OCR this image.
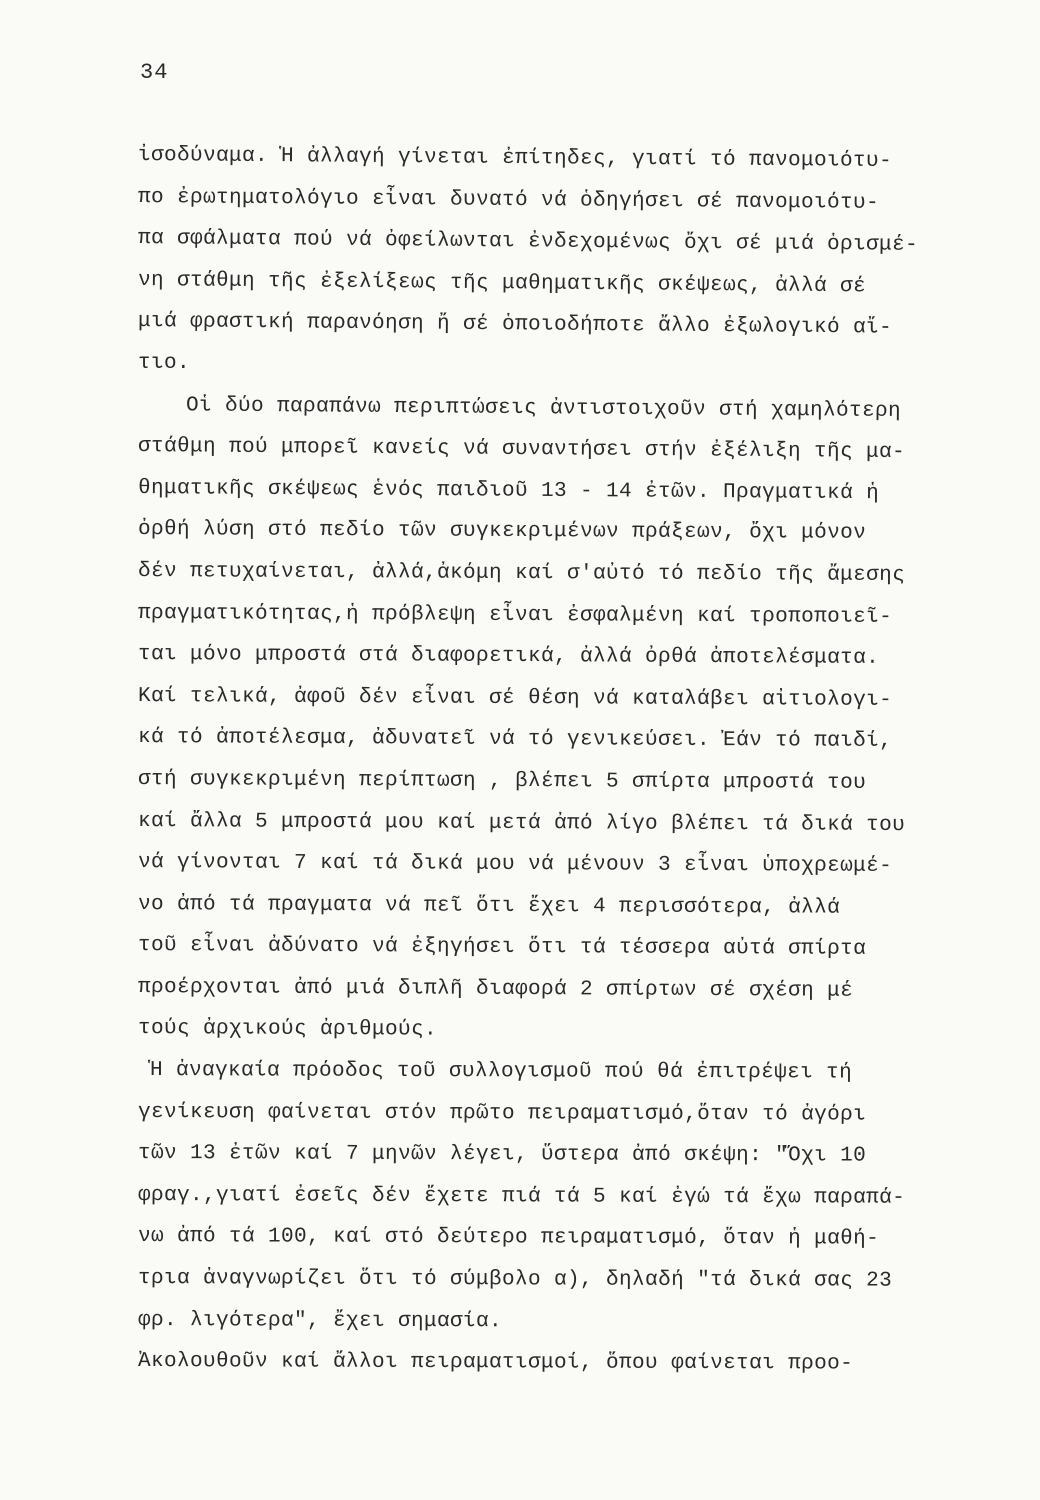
34
ἰσοδύναμα. Ἡ ἀλλαγή γίνεται ἐπίτηδες, γιατί τό πανομοιότυ-
πο ἐρωτηματολόγιο εἶναι δυνατό νά ὁδηγήσει σέ πανομοιότυ-
πα σφάλματα πού νά ὀφείλωνται ἐνδεχομένως ὄχι σέ μιά ὁρισμέ-
νη στάθμη τῆς ἐξελίξεως τῆς μαθηματικῆς σκέψεως, ἀλλά σέ
μιά φραστική παρανόηση ἤ σέ ὁποιοδήποτε ἄλλο ἐξωλογικό αἴ-
τιο.
Οἱ δύο παραπάνω περιπτώσεις ἀντιστοιχοῦν στή χαμηλότερη
στάθμη πού μπορεῖ κανείς νά συναντήσει στήν ἐξέλιξη τῆς μα-
θηματικῆς σκέψεως ἑνός παιδιοῦ 13 - 14 ἐτῶν. Πραγματικά ἡ
ὀρθή λύση στό πεδίο τῶν συγκεκριμένων πράξεων, ὄχι μόνον
δέν πετυχαίνεται, ἀλλά,ἀκόμη καί σ'αὐτό τό πεδίο τῆς ἄμεσης
πραγματικότητας,ἡ πρόβλεψη εἶναι ἐσφαλμένη καί τροποποιεῖ-
ται μόνο μπροστά στά διαφορετικά, ἀλλά ὀρθά ἀποτελέσματα.
Καί τελικά, ἀφοῦ δέν εἶναι σέ θέση νά καταλάβει αἰτιολογι-
κά τό ἀποτέλεσμα, ἀδυνατεῖ νά τό γενικεύσει. Ἐάν τό παιδί,
στή συγκεκριμένη περίπτωση , βλέπει 5 σπίρτα μπροστά του
καί ἄλλα 5 μπροστά μου καί μετά ἀπό λίγο βλέπει τά δικά του
νά γίνονται 7 καί τά δικά μου νά μένουν 3 εἶναι ὑποχρεωμέ-
νο ἀπό τά πραγματα νά πεῖ ὅτι ἔχει 4 περισσότερα, ἀλλά
τοῦ εἶναι ἀδύνατο νά ἐξηγήσει ὅτι τά τέσσερα αὐτά σπίρτα
προέρχονται ἀπό μιά διπλῆ διαφορά 2 σπίρτων σέ σχέση μέ
τούς ἀρχικούς ἀριθμούς.
Ἡ ἀναγκαία πρόοδος τοῦ συλλογισμοῦ πού θά ἐπιτρέψει τή
γενίκευση φαίνεται στόν πρῶτο πειραματισμό,ὅταν τό ἀγόρι
τῶν 13 ἐτῶν καί 7 μηνῶν λέγει, ὕστερα ἀπό σκέψη: "Ὄχι 10
φραγ.,γιατί ἐσεῖς δέν ἔχετε πιά τά 5 καί ἐγώ τά ἔχω παραπά-
νω ἀπό τά 100, καί στό δεύτερο πειραματισμό, ὅταν ἡ μαθή-
τρια ἀναγνωρίζει ὅτι τό σύμβολο α), δηλαδή "τά δικά σας 23
φρ. λιγότερα", ἔχει σημασία.
Ἀκολουθοῦν καί ἄλλοι πειραματισμοί, ὅπου φαίνεται προο-
